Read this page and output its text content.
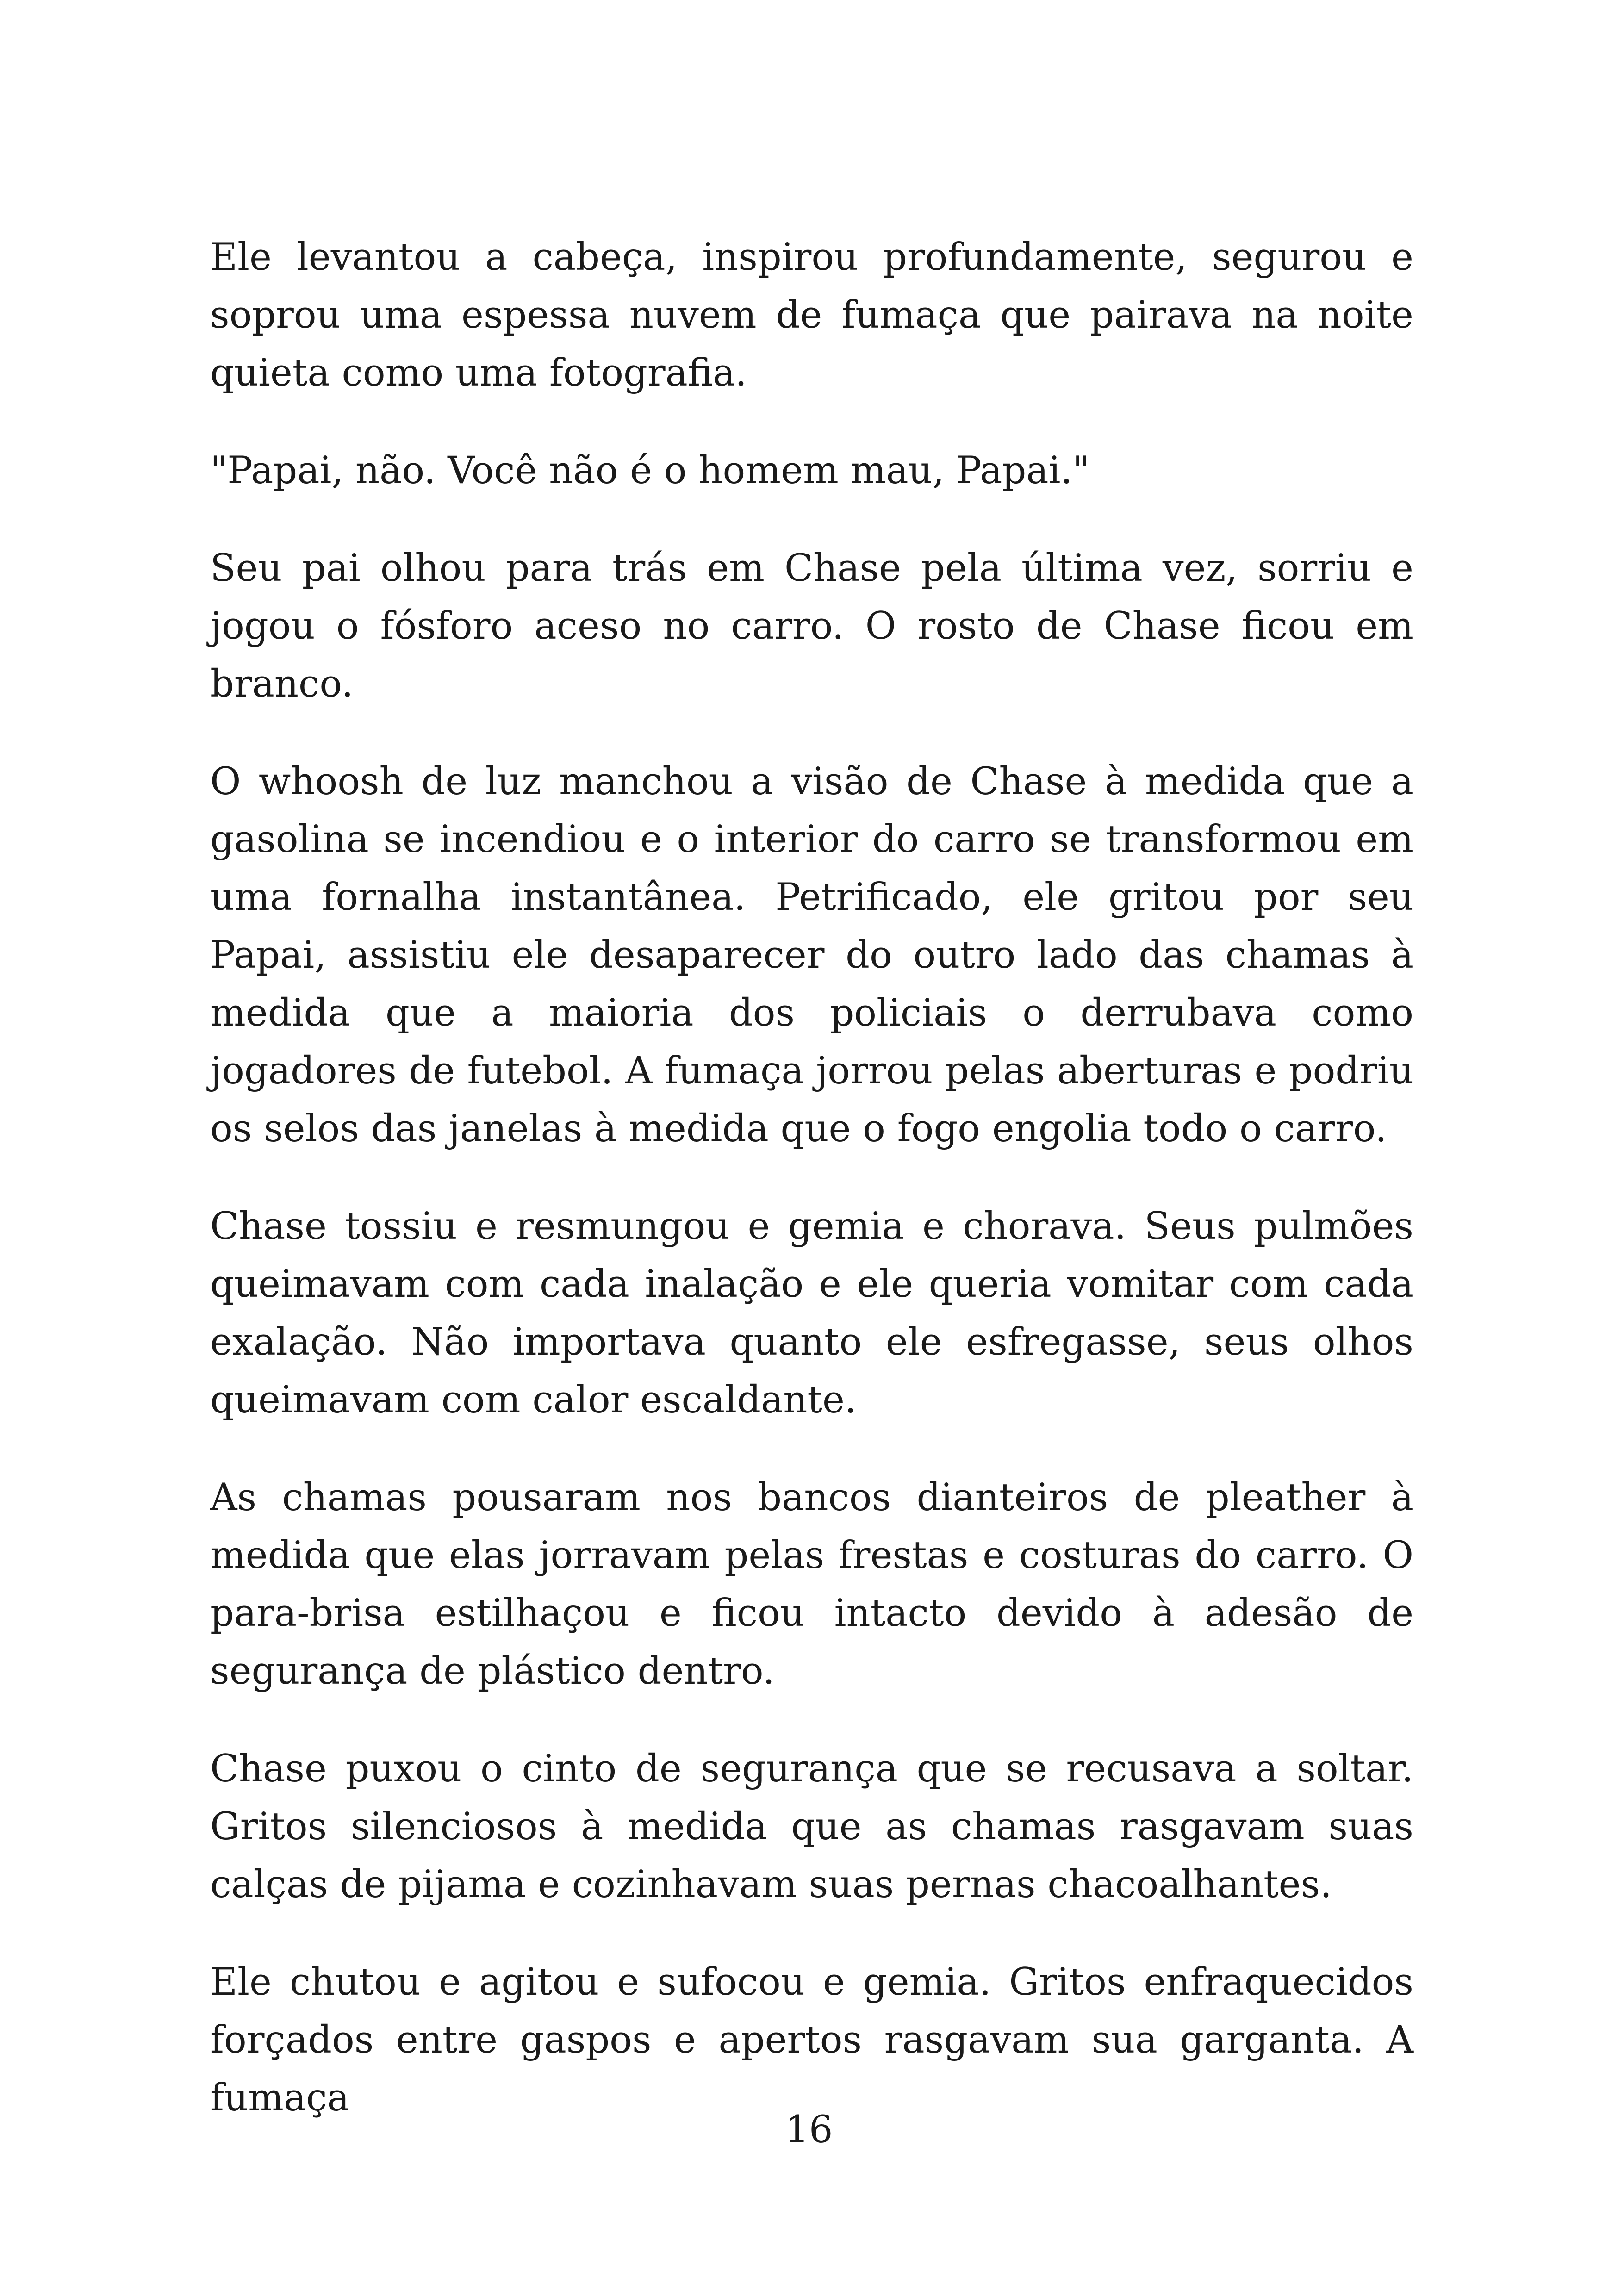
Ele levantou a cabeça, inspirou profundamente, segurou e soprou uma espessa nuvem de fumaça que pairava na noite quieta como uma fotografia.

"Papai, não. Você não é o homem mau, Papai."

Seu pai olhou para trás em Chase pela última vez, sorriu e jogou o fósforo aceso no carro. O rosto de Chase ficou em branco.

O whoosh de luz manchou a visão de Chase à medida que a gasolina se incendiou e o interior do carro se transformou em uma fornalha instantânea. Petrificado, ele gritou por seu Papai, assistiu ele desaparecer do outro lado das chamas à medida que a maioria dos policiais o derrubava como jogadores de futebol. A fumaça jorrou pelas aberturas e podriu os selos das janelas à medida que o fogo engolia todo o carro.

Chase tossiu e resmungou e gemia e chorava. Seus pulmões queimavam com cada inalação e ele queria vomitar com cada exalação. Não importava quanto ele esfregasse, seus olhos queimavam com calor escaldante.

As chamas pousaram nos bancos dianteiros de pleather à medida que elas jorravam pelas frestas e costuras do carro. O para-brisa estilhaçou e ficou intacto devido à adesão de segurança de plástico dentro.

Chase puxou o cinto de segurança que se recusava a soltar. Gritos silenciosos à medida que as chamas rasgavam suas calças de pijama e cozinhavam suas pernas chacoalhantes.

Ele chutou e agitou e sufocou e gemia. Gritos enfraquecidos forçados entre gaspos e apertos rasgavam sua garganta. A fumaça

16
